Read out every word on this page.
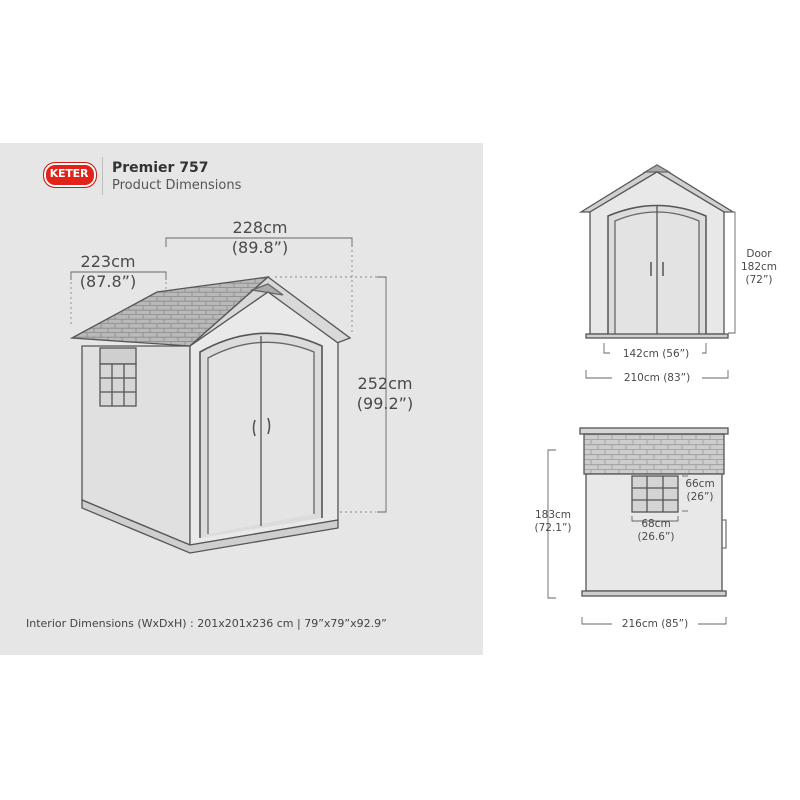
KETER	Premier 757
Product Dimensions
228cm
(89.8”)
223cm
(87.8”)
252cm
(99.2”)
Door
182cm
(72”)
142cm (56”)
210cm (83”)
183cm
(72.1”)
66cm
(26”)
68cm
(26.6”)
216cm (85”)
Interior Dimensions (WxDxH) : 201x201x236 cm | 79”x79”x92.9”
